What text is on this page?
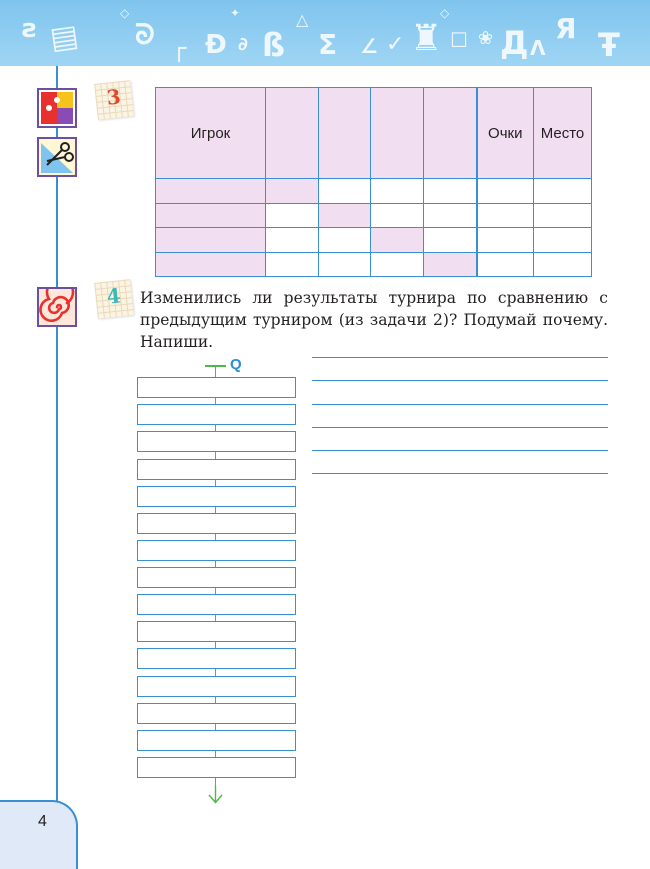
ƨ ▤ ᘐ ┌ Ð ∂ ß
△
Ʃ ∠ ✓ ♜ ☐ ❀ Д Λ
Я Ŧ
◇	✦	◇
3
Игрок					Очки	Место

4	Изменились ли результаты турнира по сравнению с предыдущим турниром (из задачи 2)? Подумай почему. Напиши.

Q
4
